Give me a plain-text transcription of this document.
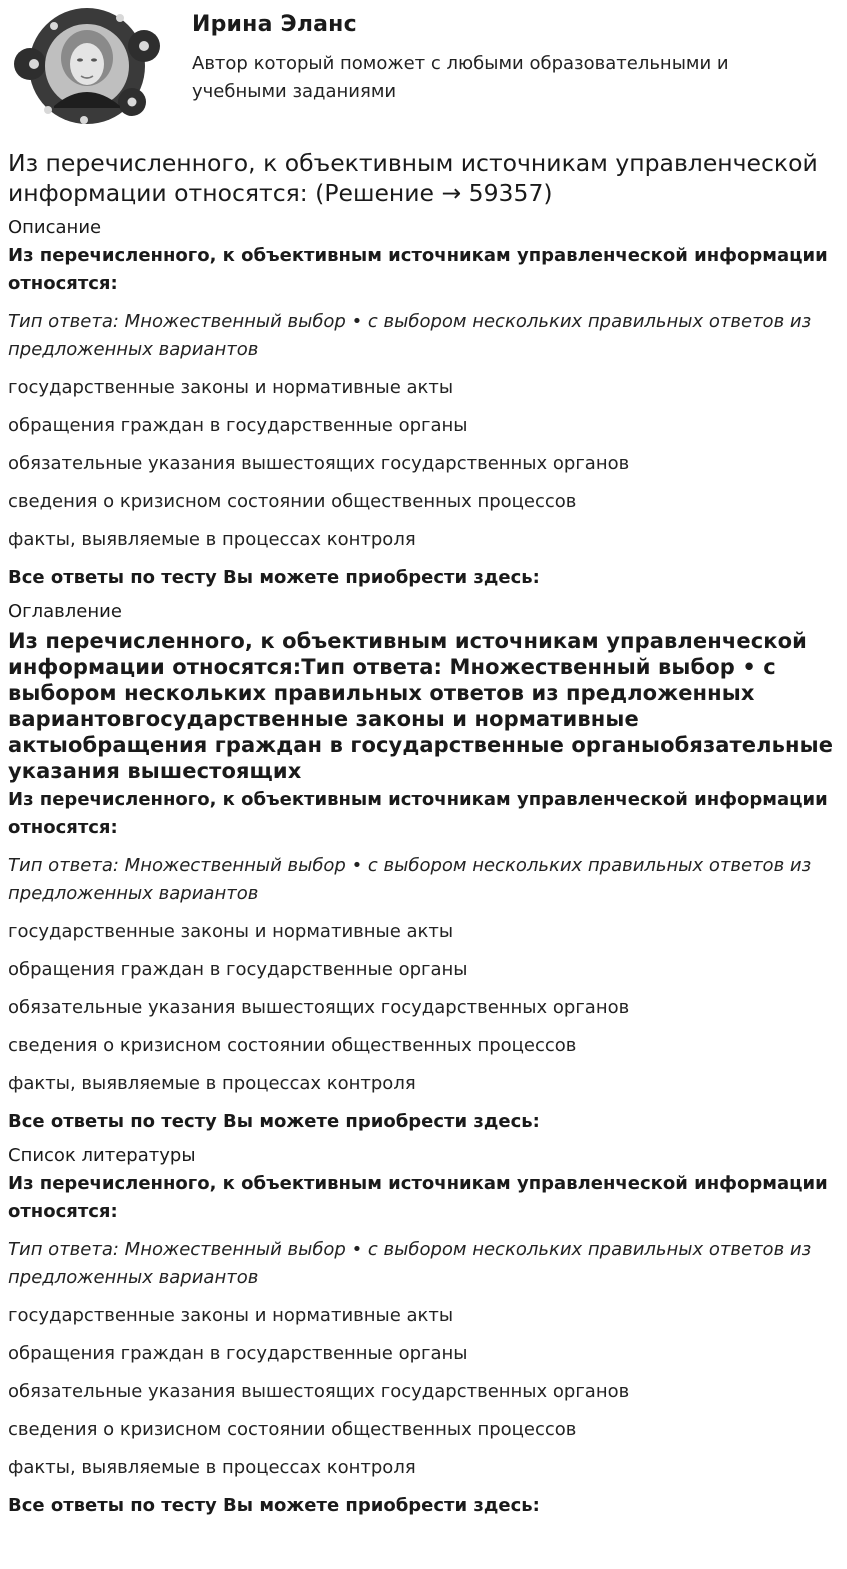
Ирина Эланс
Автор который поможет с любыми образовательными и учебными заданиями
Из перечисленного, к объективным источникам управленческой информации относятся: (Решение → 59357)
Описание
Из перечисленного, к объективным источникам управленческой информации относятся:
Тип ответа: Множественный выбор • с выбором нескольких правильных ответов из предложенных вариантов
государственные законы и нормативные акты
обращения граждан в государственные органы
обязательные указания вышестоящих государственных органов
сведения о кризисном состоянии общественных процессов
факты, выявляемые в процессах контроля
Все ответы по тесту Вы можете приобрести здесь:
Оглавление
Из перечисленного, к объективным источникам управленческой информации относятся:Тип ответа: Множественный выбор • с выбором нескольких правильных ответов из предложенных вариантовгосударственные законы и нормативные актыобращения граждан в государственные органыобязательные указания вышестоящих
Из перечисленного, к объективным источникам управленческой информации относятся:
Тип ответа: Множественный выбор • с выбором нескольких правильных ответов из предложенных вариантов
государственные законы и нормативные акты
обращения граждан в государственные органы
обязательные указания вышестоящих государственных органов
сведения о кризисном состоянии общественных процессов
факты, выявляемые в процессах контроля
Все ответы по тесту Вы можете приобрести здесь:
Список литературы
Из перечисленного, к объективным источникам управленческой информации относятся:
Тип ответа: Множественный выбор • с выбором нескольких правильных ответов из предложенных вариантов
государственные законы и нормативные акты
обращения граждан в государственные органы
обязательные указания вышестоящих государственных органов
сведения о кризисном состоянии общественных процессов
факты, выявляемые в процессах контроля
Все ответы по тесту Вы можете приобрести здесь:
